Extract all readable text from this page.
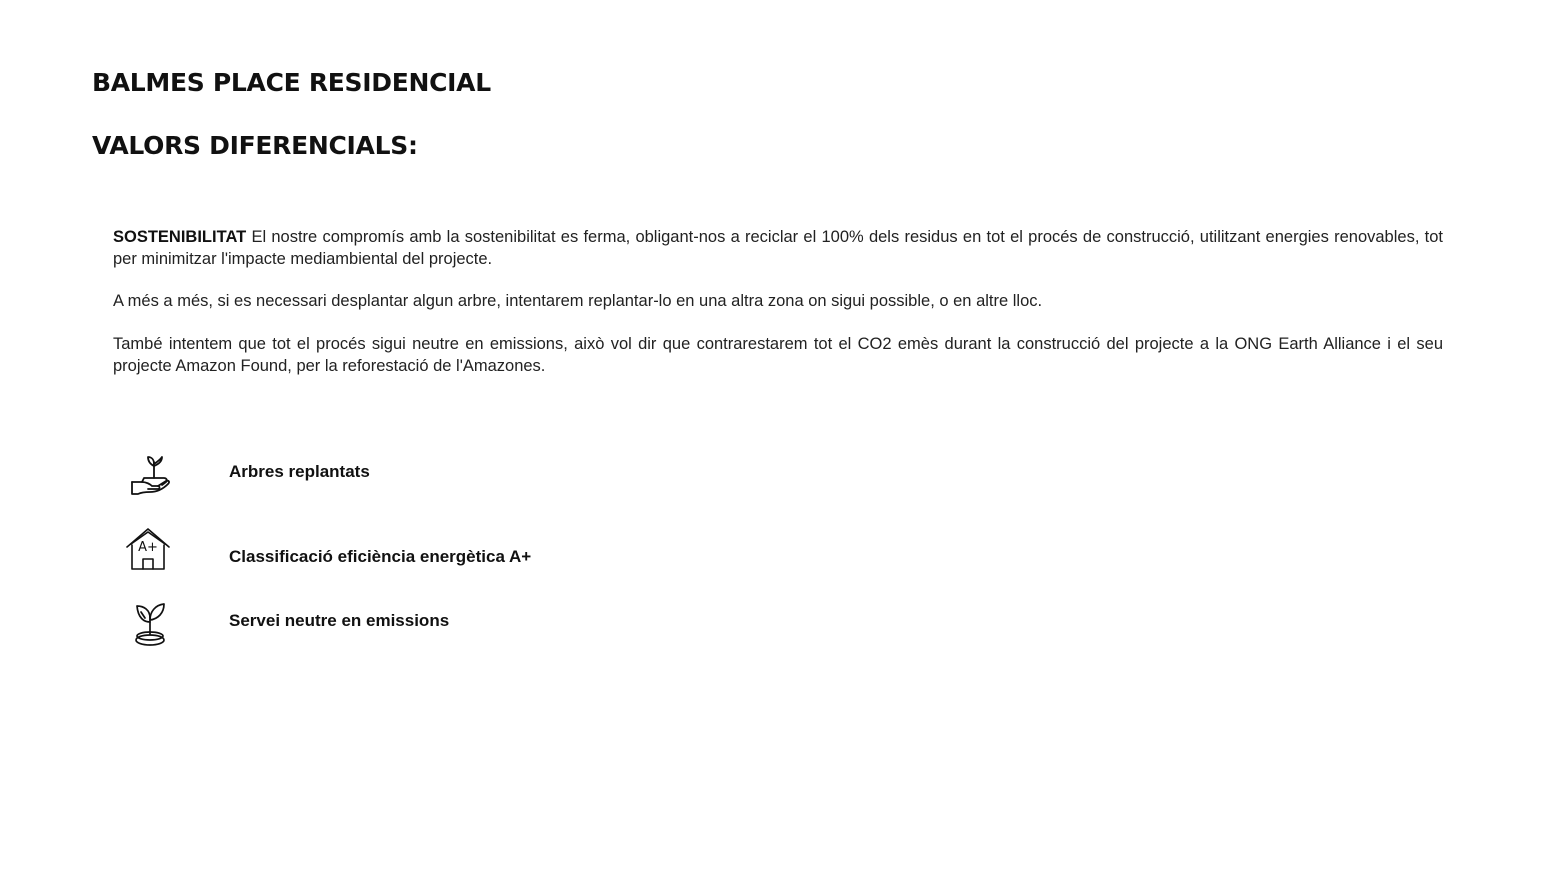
BALMES PLACE RESIDENCIAL
VALORS DIFERENCIALS:

SOSTENIBILITAT El nostre compromís amb la sostenibilitat es ferma, obligant-nos a reciclar el 100% dels residus en tot el procés de construcció, utilitzant energies renovables, tot per minimitzar l'impacte mediambiental del projecte.

A més a més, si es necessari desplantar algun arbre, intentarem replantar-lo en una altra zona on sigui possible, o en altre lloc.

També intentem que tot el procés sigui neutre en emissions, això vol dir que contrarestarem tot el CO2 emès durant la construcció del projecte a la ONG Earth Alliance i el seu projecte Amazon Found, per la reforestació de l'Amazones.

Arbres replantats
A+	Classificació eficiència energètica A+
Servei neutre en emissions
